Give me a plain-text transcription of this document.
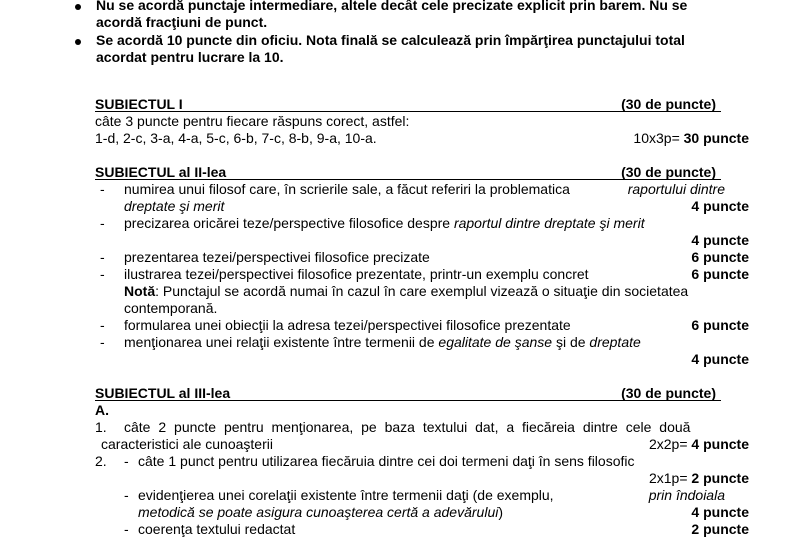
Nu se acordă punctaje intermediare, altele decât cele precizate explicit prin barem. Nu se
acordă fracţiuni de punct.
Se acordă 10 puncte din oficiu. Nota finală se calculează prin împărţirea punctajului total
acordat pentru lucrare la 10.
SUBIECTUL I	(30 de puncte)
câte 3 puncte pentru fiecare răspuns corect, astfel:
1-d, 2-c, 3-a, 4-a, 5-c, 6-b, 7-c, 8-b, 9-a, 10-a.	10x3p= 30 puncte
SUBIECTUL al II-lea	(30 de puncte)
- numirea unui filosof care, în scrierile sale, a făcut referiri la problematica	raportului dintre
dreptate şi merit	4 puncte
- precizarea oricărei teze/perspective filosofice despre raportul dintre dreptate şi merit
4 puncte
- prezentarea tezei/perspectivei filosofice precizate	6 puncte
- ilustrarea tezei/perspectivei filosofice prezentate, printr-un exemplu concret	6 puncte
Notă: Punctajul se acordă numai în cazul în care exemplul vizează o situaţie din societatea
contemporană.
- formularea unei obiecţii la adresa tezei/perspectivei filosofice prezentate	6 puncte
- menţionarea unei relaţii existente între termenii de egalitate de şanse şi de dreptate
4 puncte
SUBIECTUL al III-lea	(30 de puncte)
A.
1. câte 2 puncte pentru menţionarea, pe baza textului dat, a fiecăreia dintre cele două
caracteristici ale cunoaşterii	2x2p= 4 puncte
2. - câte 1 punct pentru utilizarea fiecăruia dintre cei doi termeni daţi în sens filosofic
2x1p= 2 puncte
- evidenţierea unei corelaţii existente între termenii daţi (de exemplu,	prin îndoiala
metodică se poate asigura cunoaşterea certă a adevărului)	4 puncte
- coerenţa textului redactat	2 puncte
